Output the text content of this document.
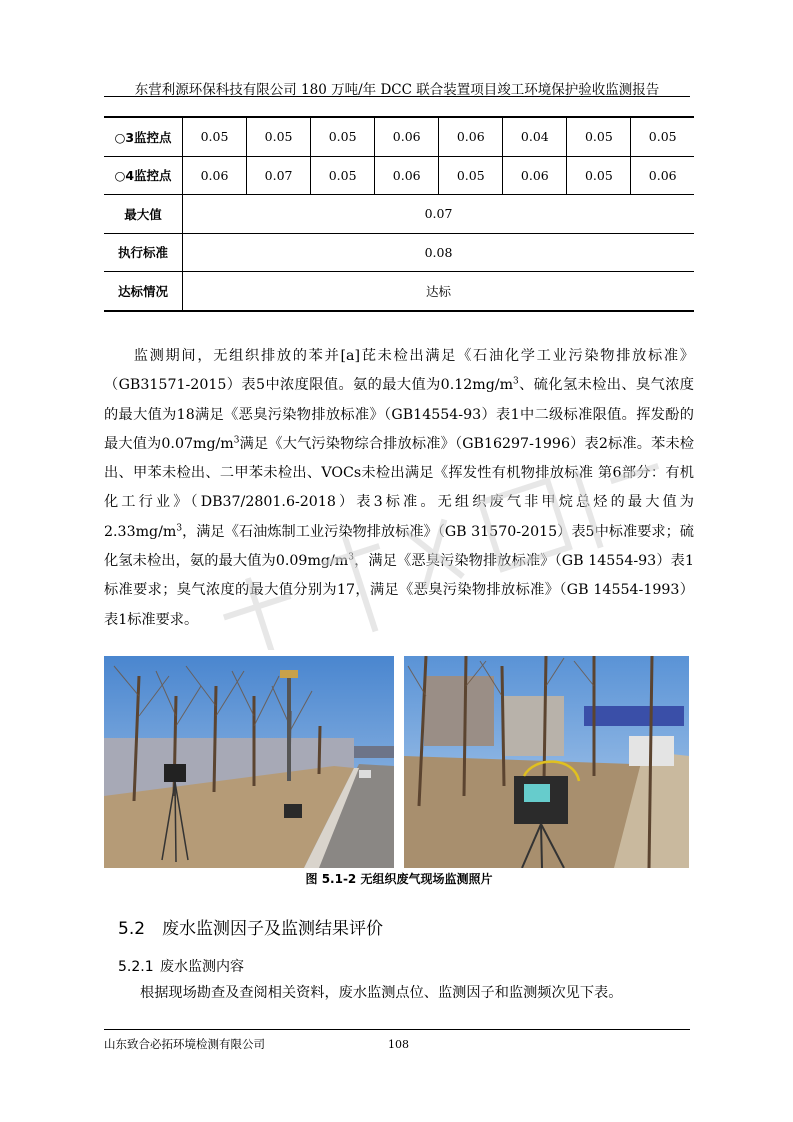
东营利源环保科技有限公司 180 万吨/年 DCC 联合装置项目竣工环境保护验收监测报告
○3监控点	0.05	0.05	0.05	0.06	0.06	0.04	0.05	0.05
○4监控点	0.06	0.07	0.05	0.06	0.05	0.06	0.05	0.06
最大值	0.07							
执行标准	0.08							
达标情况	达标							
监测期间，无组织排放的苯并[a]芘未检出满足《石油化学工业污染物排放标准》（GB31571-2015）表5中浓度限值。氨的最大值为$0.12mg/m^3$、硫化氢未检出、臭气浓度的最大值为18满足《恶臭污染物排放标准》（GB14554-93）表1中二级标准限值。挥发酚的最大值为$0.07mg/m^3$满足《大气污染物综合排放标准》（GB16297-1996）表2标准。苯未检出、甲苯未检出、二甲苯未检出、VOCs未检出满足《挥发性有机物排放标准 第6部分：有机化工行业》（DB37/2801.6-2018）表3标准。无组织废气非甲烷总烃的最大值为$2.33mg/m^3$，满足《石油炼制工业污染物排放标准》（GB 31570-2015）表5中标准要求；硫化氢未检出，氨的最大值为$0.09mg/m^3$，满足《恶臭污染物排放标准》（GB 14554-93）表1标准要求；臭气浓度的最大值分别为17，满足《恶臭污染物排放标准》（GB 14554-1993）表1标准要求。
图 5.1-2 无组织废气现场监测照片
5.2 废水监测因子及监测结果评价
5.2.1 废水监测内容
根据现场勘查及查阅相关资料，废水监测点位、监测因子和监测频次见下表。
山东致合必拓环境检测有限公司	108
